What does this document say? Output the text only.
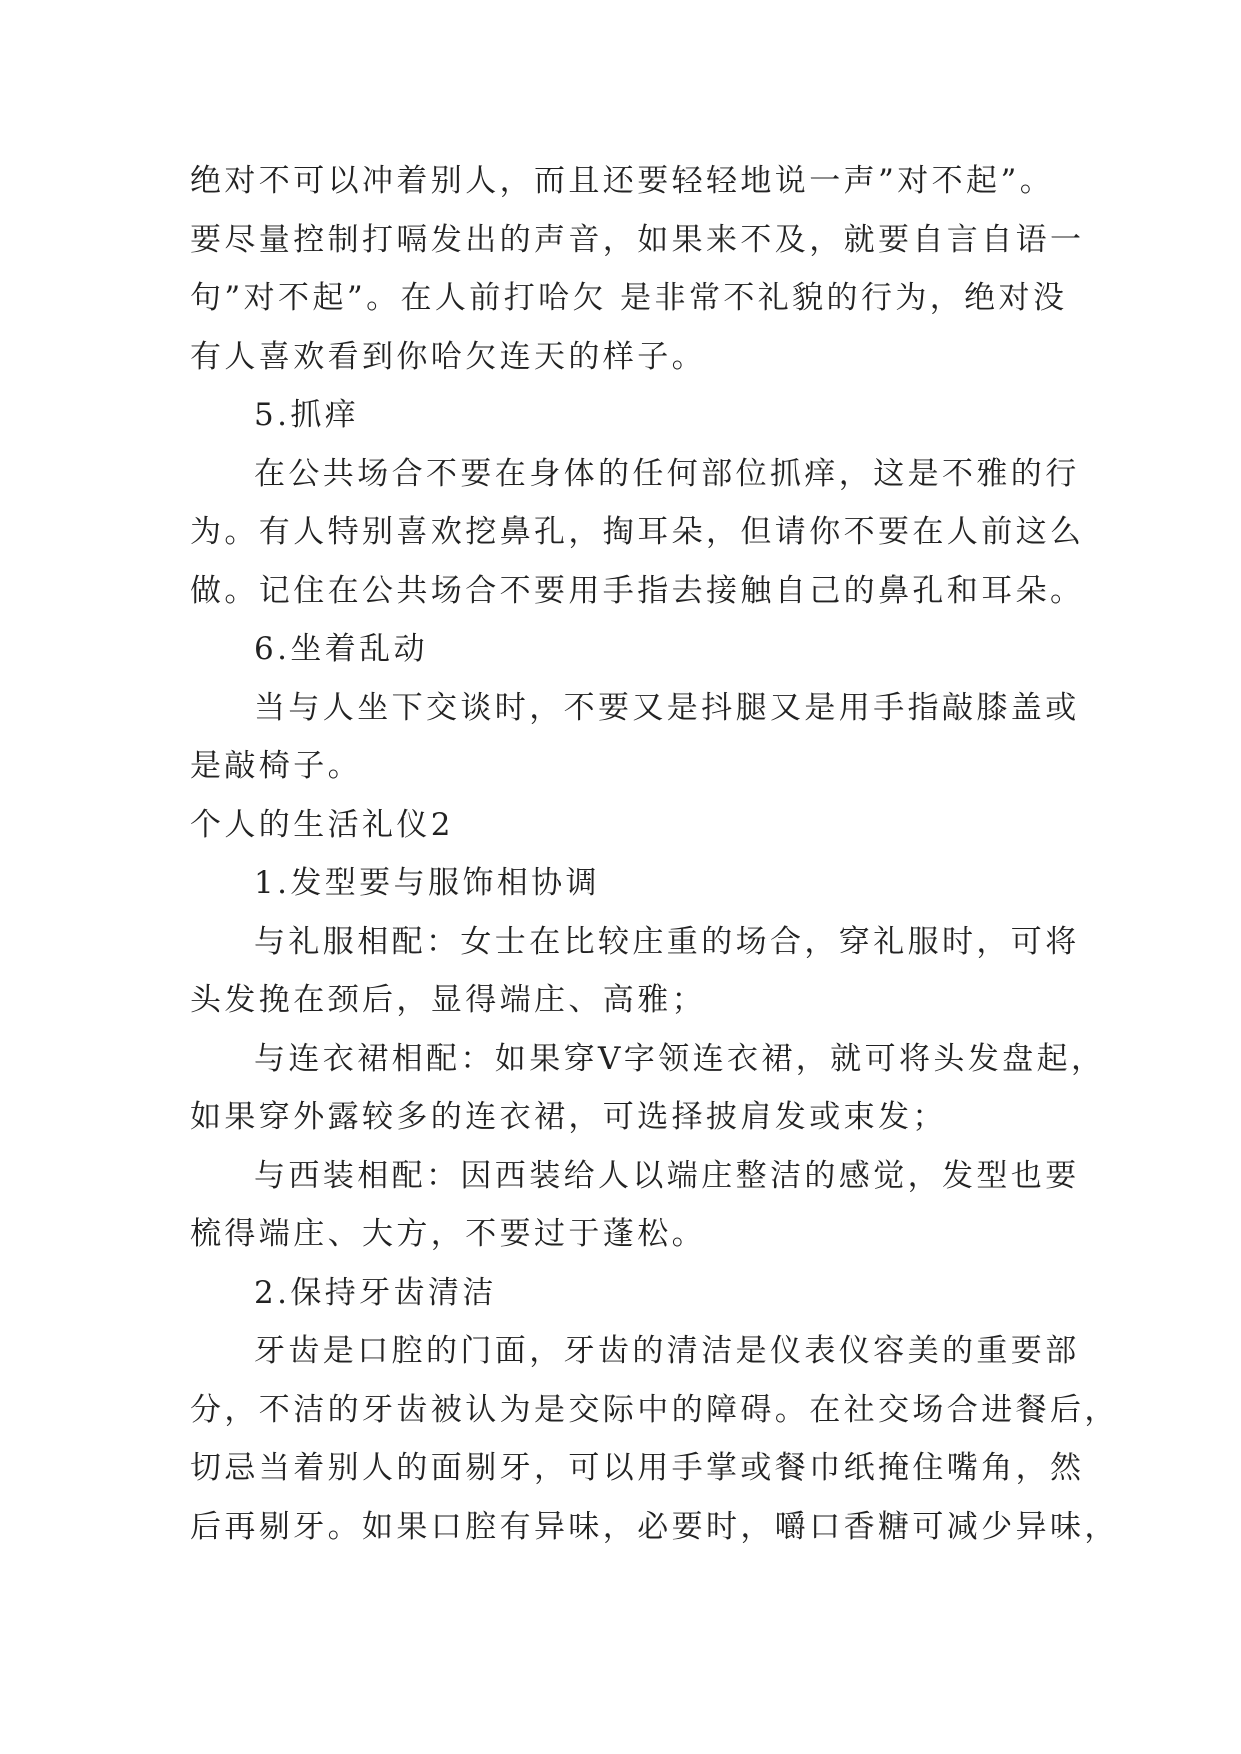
绝对不可以冲着别人，而且还要轻轻地说一声”对不起”。
要尽量控制打嗝发出的声音，如果来不及，就要自言自语一
句”对不起”。在人前打哈欠 是非常不礼貌的行为，绝对没
有人喜欢看到你哈欠连天的样子。
5.抓痒
在公共场合不要在身体的任何部位抓痒，这是不雅的行
为。有人特别喜欢挖鼻孔，掏耳朵，但请你不要在人前这么
做。记住在公共场合不要用手指去接触自己的鼻孔和耳朵。
6.坐着乱动
当与人坐下交谈时，不要又是抖腿又是用手指敲膝盖或
是敲椅子。
个人的生活礼仪2
1.发型要与服饰相协调
与礼服相配：女士在比较庄重的场合，穿礼服时，可将
头发挽在颈后，显得端庄、高雅；
与连衣裙相配：如果穿V字领连衣裙，就可将头发盘起，
如果穿外露较多的连衣裙，可选择披肩发或束发；
与西装相配：因西装给人以端庄整洁的感觉，发型也要
梳得端庄、大方，不要过于蓬松。
2.保持牙齿清洁
牙齿是口腔的门面，牙齿的清洁是仪表仪容美的重要部
分，不洁的牙齿被认为是交际中的障碍。在社交场合进餐后，
切忌当着别人的面剔牙，可以用手掌或餐巾纸掩住嘴角，然
后再剔牙。如果口腔有异味，必要时，嚼口香糖可减少异味，
